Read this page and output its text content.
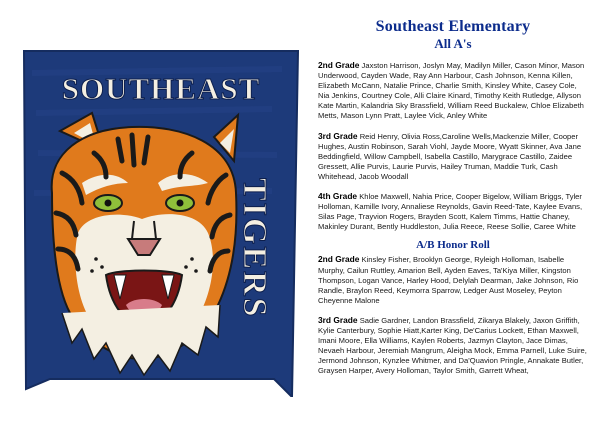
SOUTHEAST
TIGERS
Southeast Elementary
All A's
2nd Grade Jaxston Harrison, Joslyn May, Madilyn Miller, Cason Minor, Mason Underwood, Cayden Wade, Ray Ann Harbour, Cash Johnson, Kenna Killen, Elizabeth McCann, Natalie Prince, Charlie Smith, Kinsley White, Casey Cole, Nia Jenkins, Courtney Cole, Alli Claire Kinard, Timothy Keith Rutledge, Allyson Kate Martin, Kalandria Sky Brassfield, William Reed Buckalew, Chloe Elizabeth Metts, Mason Lynn Pratt, Laylee Vick, Anley White
3rd Grade Reid Henry, Olivia Ross,Caroline Wells,Mackenzie Miller, Cooper Hughes, Austin Robinson, Sarah Viohl, Jayde Moore, Wyatt Skinner, Ava Jane Beddingfield, Willow Campbell, Isabella Castillo, Marygrace Castillo, Zaidee Gressett, Allie Purvis, Laurie Purvis, Hailey Truman, Maddie Turk, Cash Whitehead, Jacob Woodall
4th Grade Khloe Maxwell, Nahia Price, Cooper Bigelow, William Briggs, Tyler Holloman, Kamille Ivory, Annaliese Reynolds, Gavin Reed-Tate, Kaylee Evans, Silas Page, Trayvion Rogers, Brayden Scott, Kalem Timms, Hattie Chaney, Makinley Durant, Bently Huddleston, Julia Reece, Reese Sollie, Caree White
A/B Honor Roll
2nd Grade Kinsley Fisher, Brooklyn George, Ryleigh Holloman, Isabelle Murphy, Cailun Ruttley, Amarion Bell, Ayden Eaves, Ta'Kiya Miller, Kingston Thompson, Logan Vance, Harley Hood, Delylah Dearman, Jake Johnson, Rio Randle, Braylon Reed, Keymorra Sparrow, Ledger Aust Moseley, Peyton Cheyenne Malone
3rd Grade Sadie Gardner, Landon Brassfield, Zikarya Blakely, Jaxon Griffith, Kylie Canterbury, Sophie Hiatt,Karter King, De'Carius Lockett, Ethan Maxwell, Imani Moore, Ella Williams, Kaylen Roberts, Jazmyn Clayton, Jace Dimas, Nevaeh Harbour, Jeremiah Mangrum, Aleigha Mock, Emma Parnell, Luke Suire, Jermond Johnson, Kynzlee Whitmer, and Da'Quavion Pringle, Annakate Butler, Graysen Harper, Avery Holloman, Taylor Smith, Garrett Wheat,
